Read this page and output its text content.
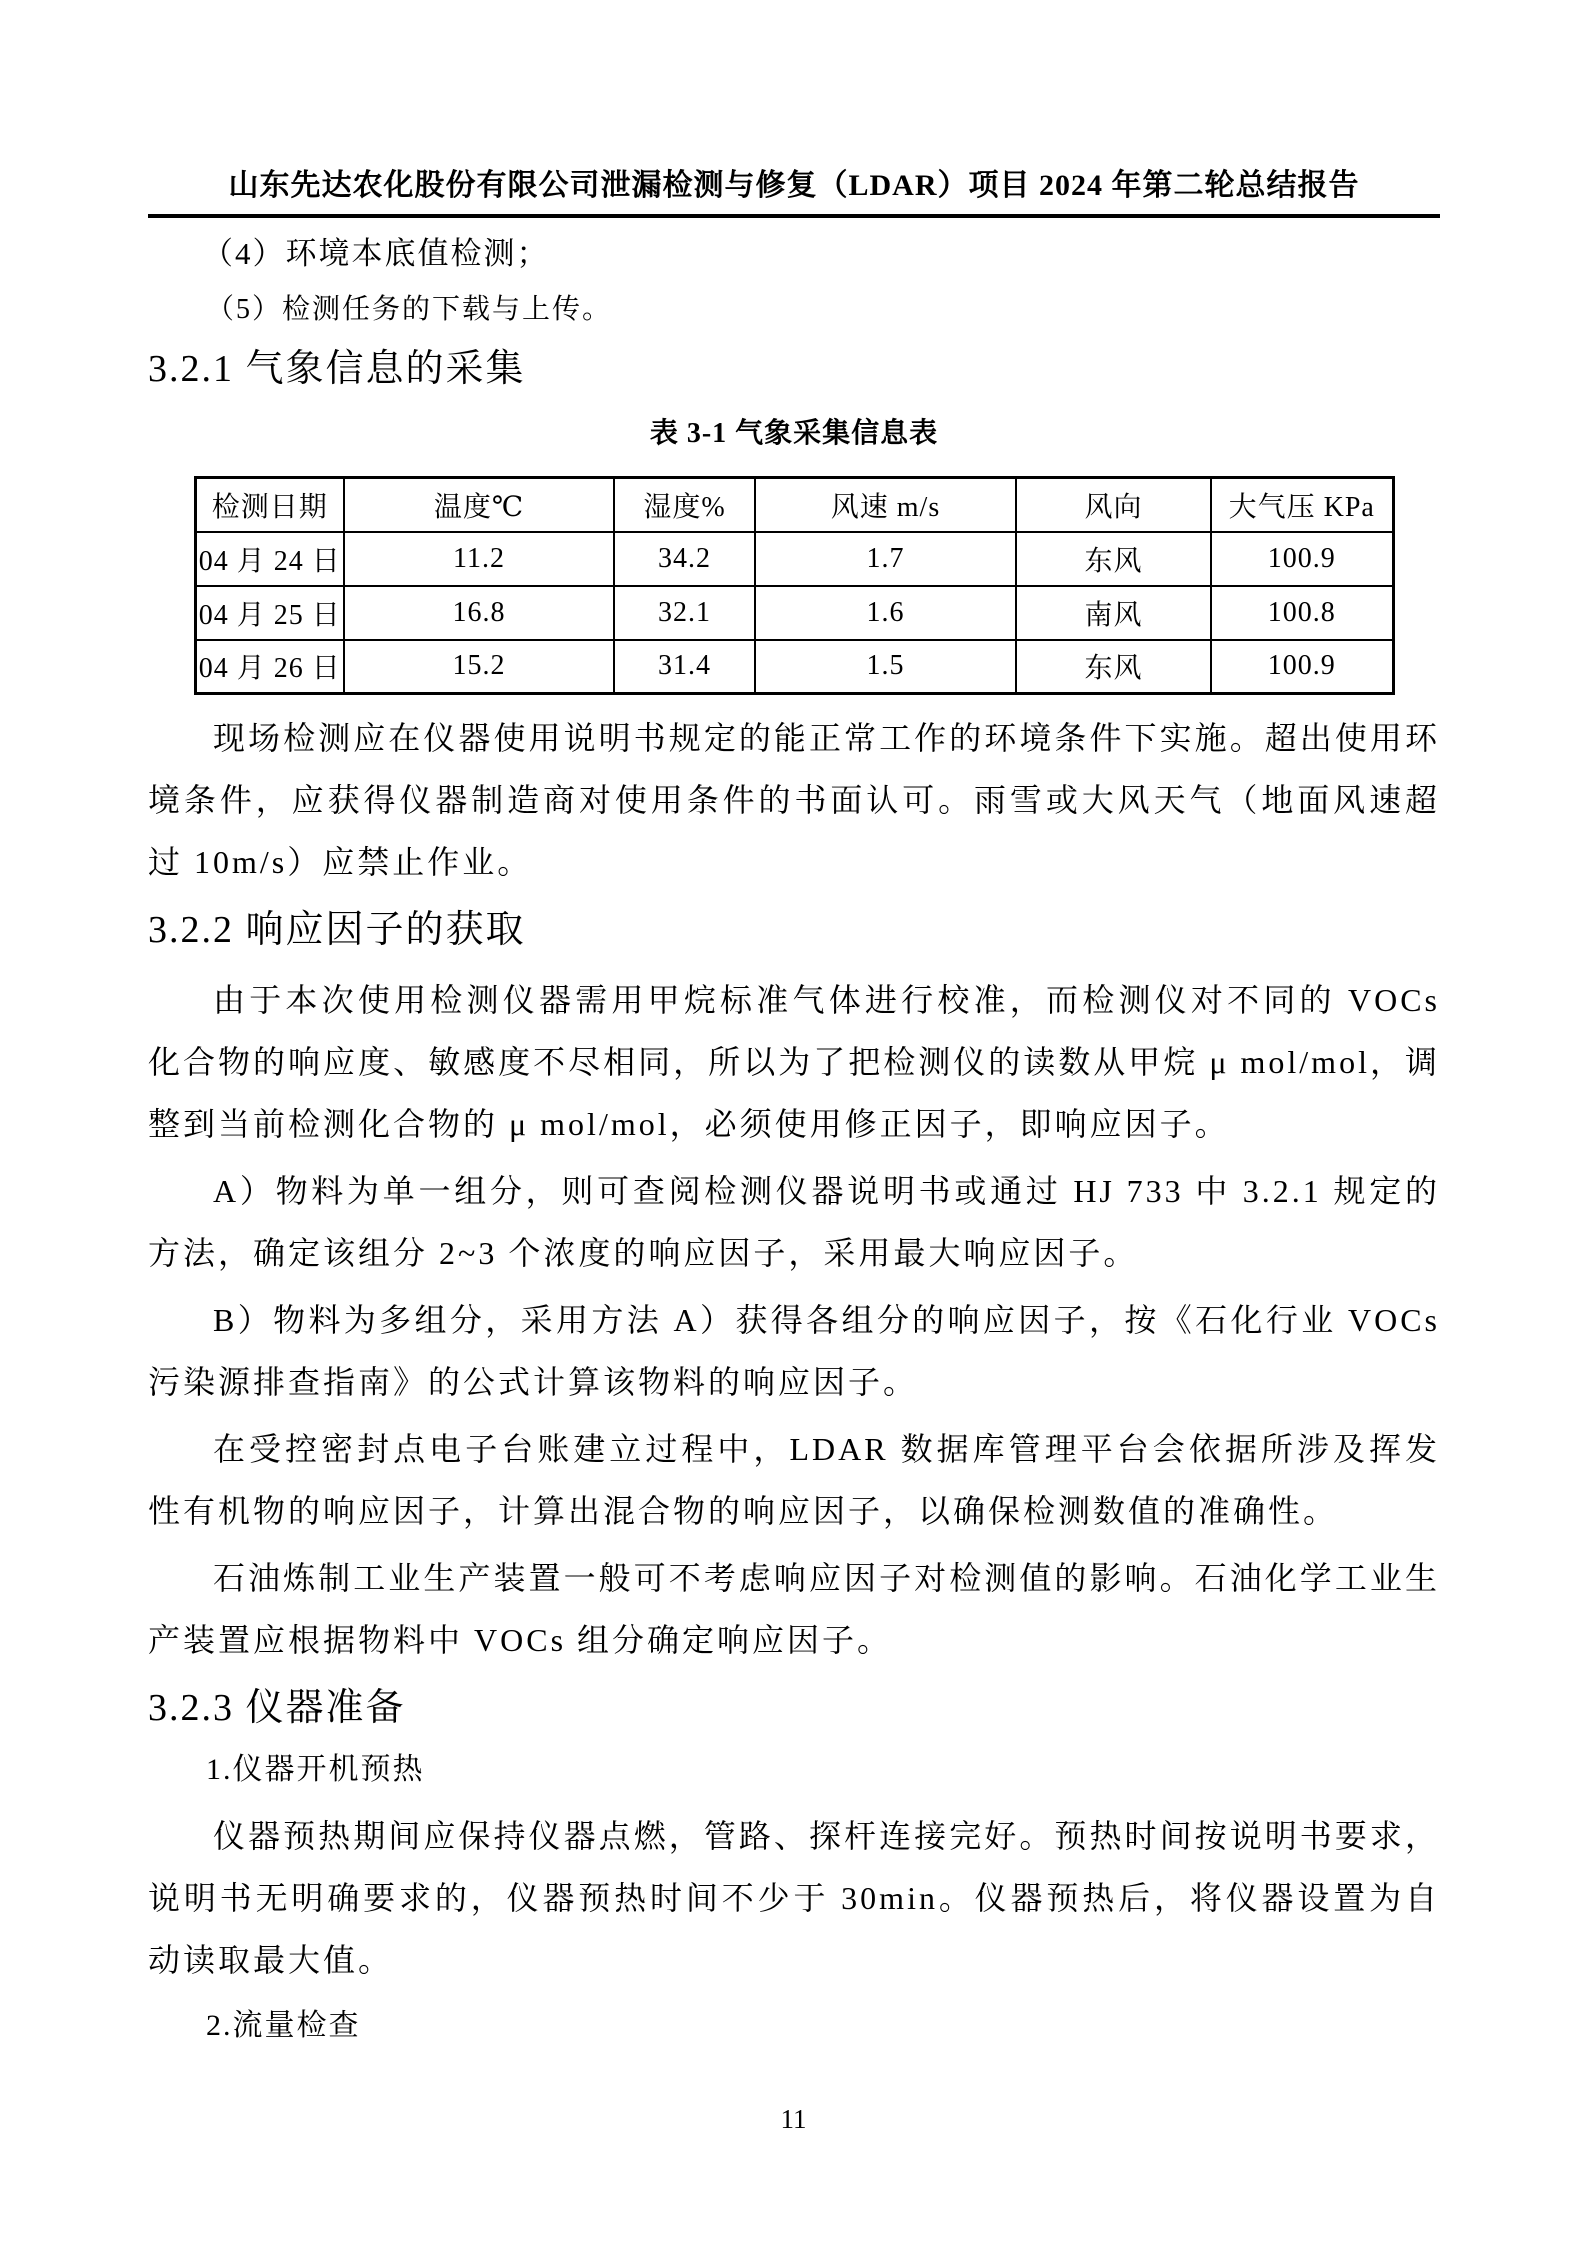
山东先达农化股份有限公司泄漏检测与修复（LDAR）项目 2024 年第二轮总结报告

（4）环境本底值检测；

（5）检测任务的下载与上传。

3.2.1 气象信息的采集
表 3-1 气象采集信息表
检测日期	温度℃	湿度%	风速 m/s	风向	大气压 KPa
04 月 24 日	11.2	34.2	1.7	东风	100.9
04 月 25 日	16.8	32.1	1.6	南风	100.8
04 月 26 日	15.2	31.4	1.5	东风	100.9

现场检测应在仪器使用说明书规定的能正常工作的环境条件下实施。超出使用环境条件，应获得仪器制造商对使用条件的书面认可。雨雪或大风天气（地面风速超过 10m/s）应禁止作业。

3.2.2 响应因子的获取

由于本次使用检测仪器需用甲烷标准气体进行校准，而检测仪对不同的 VOCs 化合物的响应度、敏感度不尽相同，所以为了把检测仪的读数从甲烷 μ mol/mol，调整到当前检测化合物的 μ mol/mol，必须使用修正因子，即响应因子。

A）物料为单一组分，则可查阅检测仪器说明书或通过 HJ 733 中 3.2.1 规定的方法，确定该组分 2~3 个浓度的响应因子，采用最大响应因子。

B）物料为多组分，采用方法 A）获得各组分的响应因子，按《石化行业 VOCs 污染源排查指南》的公式计算该物料的响应因子。

在受控密封点电子台账建立过程中，LDAR 数据库管理平台会依据所涉及挥发性有机物的响应因子，计算出混合物的响应因子，以确保检测数值的准确性。

石油炼制工业生产装置一般可不考虑响应因子对检测值的影响。石油化学工业生产装置应根据物料中 VOCs 组分确定响应因子。

3.2.3 仪器准备

1.仪器开机预热

仪器预热期间应保持仪器点燃，管路、探杆连接完好。预热时间按说明书要求，说明书无明确要求的，仪器预热时间不少于 30min。仪器预热后，将仪器设置为自动读取最大值。

2.流量检查

11
